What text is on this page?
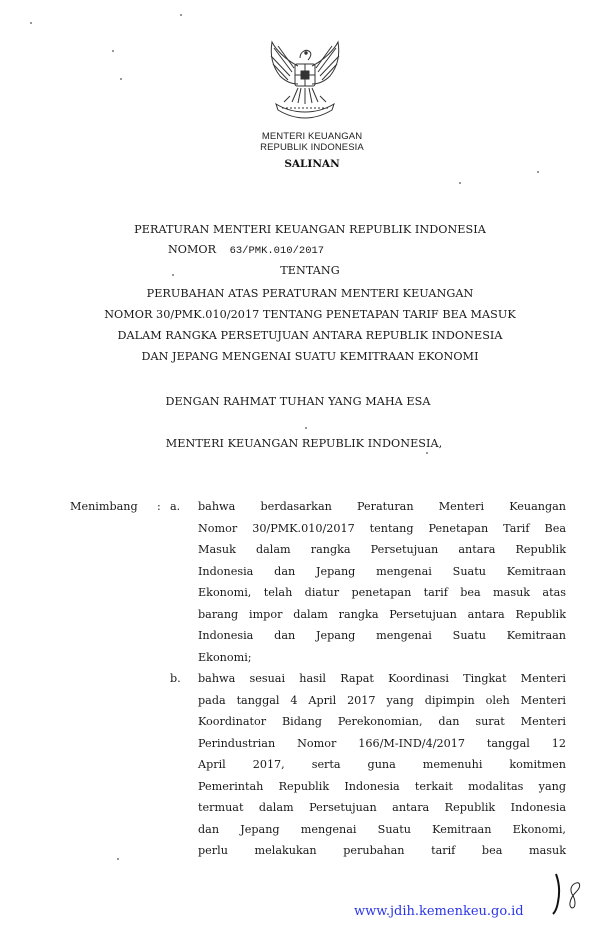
MENTERI KEUANGAN
REPUBLIK INDONESIA
SALINAN
PERATURAN MENTERI KEUANGAN REPUBLIK INDONESIA
NOMOR 63/PMK.010/2017
TENTANG
PERUBAHAN ATAS PERATURAN MENTERI KEUANGAN
NOMOR 30/PMK.010/2017 TENTANG PENETAPAN TARIF BEA MASUK
DALAM RANGKA PERSETUJUAN ANTARA REPUBLIK INDONESIA
DAN JEPANG MENGENAI SUATU KEMITRAAN EKONOMI
DENGAN RAHMAT TUHAN YANG MAHA ESA
MENTERI KEUANGAN REPUBLIK INDONESIA,
Menimbang : a. bahwa berdasarkan Peraturan Menteri Keuangan
Nomor 30/PMK.010/2017 tentang Penetapan Tarif Bea
Masuk dalam rangka Persetujuan antara Republik
Indonesia dan Jepang mengenai Suatu Kemitraan
Ekonomi, telah diatur penetapan tarif bea masuk atas
barang impor dalam rangka Persetujuan antara Republik
Indonesia dan Jepang mengenai Suatu Kemitraan
Ekonomi;
b. bahwa sesuai hasil Rapat Koordinasi Tingkat Menteri
pada tanggal 4 April 2017 yang dipimpin oleh Menteri
Koordinator Bidang Perekonomian, dan surat Menteri
Perindustrian Nomor 166/M-IND/4/2017 tanggal 12
April 2017, serta guna memenuhi komitmen
Pemerintah Republik Indonesia terkait modalitas yang
termuat dalam Persetujuan antara Republik Indonesia
dan Jepang mengenai Suatu Kemitraan Ekonomi,
perlu melakukan perubahan tarif bea masuk
www.jdih.kemenkeu.go.id
